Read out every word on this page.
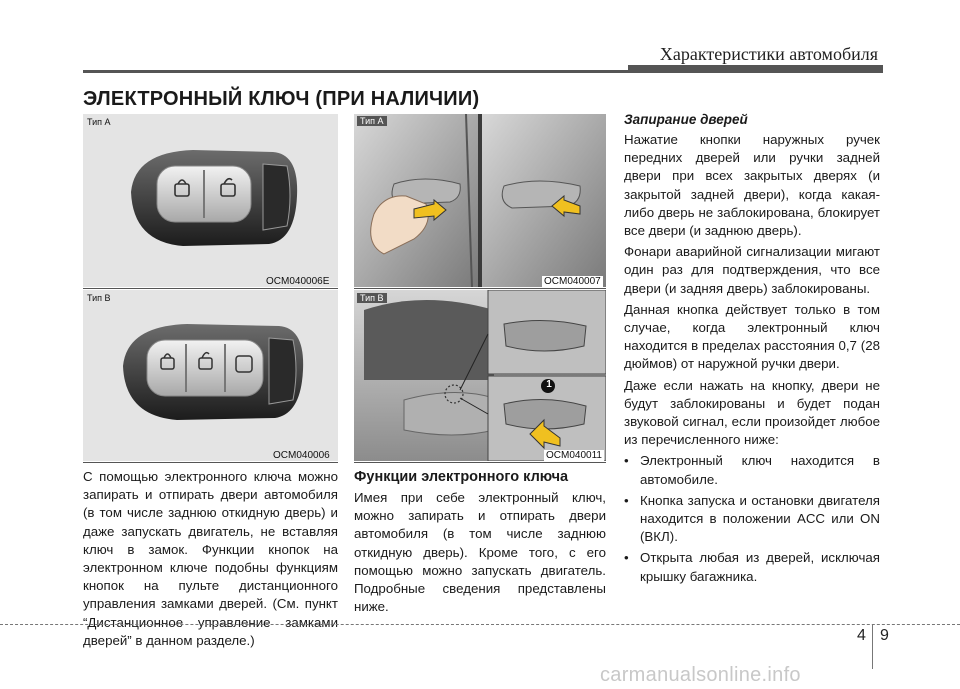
Характеристики автомобиля
ЭЛЕКТРОННЫЙ КЛЮЧ (ПРИ НАЛИЧИИ)
Тип A
OCM040006E
Тип B
OCM040006
С помощью электронного ключа можно запирать и отпирать двери автомобиля (в том числе заднюю откидную дверь) и даже запускать двигатель, не вставляя ключ в замок. Функции кнопок на электронном ключе подобны функциям кнопок на пульте дистанционного управления замками дверей. (См. пункт “Дистанционное управление замками дверей” в данном разделе.)
Тип A
OCM040007
1
Тип B
OCM040011
Функции электронного ключа
Имея при себе электронный ключ, можно запирать и отпирать двери автомобиля (в том числе заднюю откидную дверь). Кроме того, с его помощью можно запускать двигатель. Подробные сведения представлены ниже.
Запирание дверей

Нажатие кнопки наружных ручек передних дверей или ручки задней двери при всех закрытых дверях (и закрытой задней двери), когда какая-либо дверь не заблокирована, блокирует все двери (и заднюю дверь).

Фонари аварийной сигнализации мигают один раз для подтверждения, что все двери (и задняя дверь) заблокированы.

Данная кнопка действует только в том случае, когда электронный ключ находится в пределах расстояния 0,7 (28 дюймов) от наружной ручки двери.

Даже если нажать на кнопку, двери не будут заблокированы и будет подан звуковой сигнал, если произойдет любое из перечисленного ниже:

• Электронный ключ находится в автомобиле.
• Кнопка запуска и остановки двигателя находится в положении ACC или ON (ВКЛ).
• Открыта любая из дверей, исключая крышку багажника.
4 9
carmanualsonline.info
